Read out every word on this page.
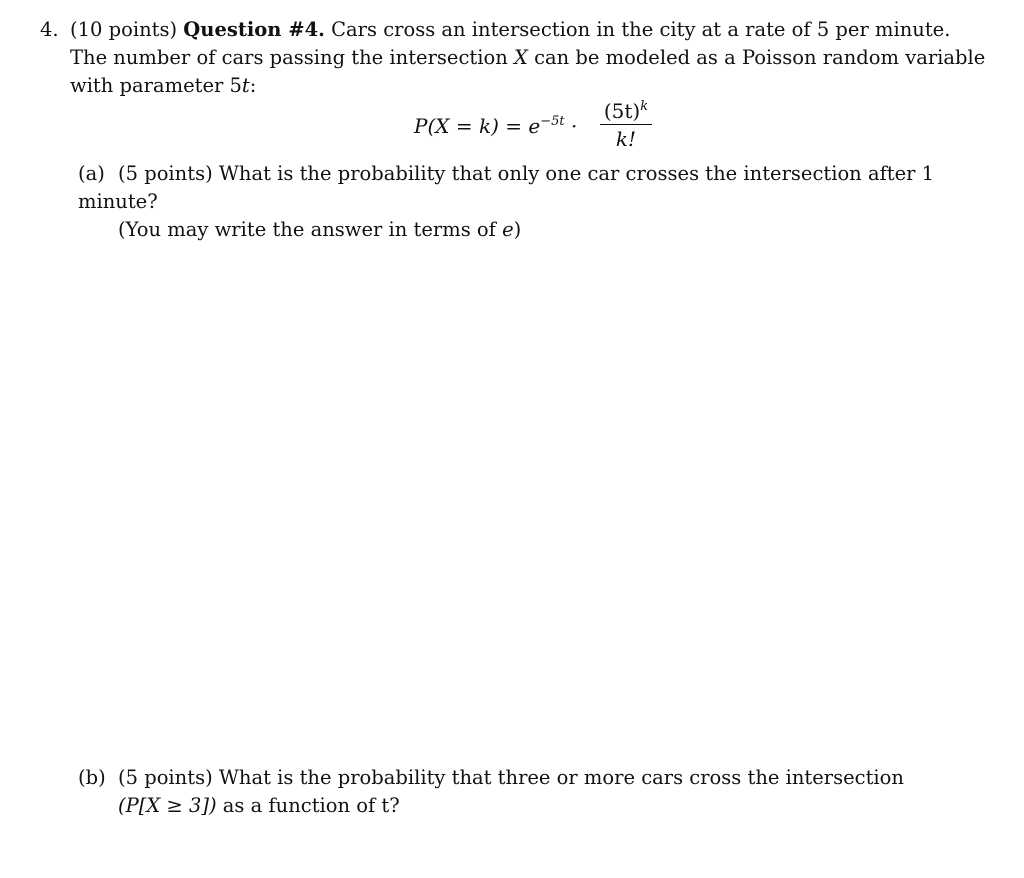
4. (10 points) Question #4. Cars cross an intersection in the city at a rate of 5 per minute.
The number of cars passing the intersection X can be modeled as a Poisson random variable
with parameter 5t:
$P(X = k) = e^{-5t}$ ·
$(5t)^k$
k!
(a) (5 points) What is the probability that only one car crosses the intersection after 1 minute?
(You may write the answer in terms of e)
(b) (5 points) What is the probability that three or more cars cross the intersection
(P[X ≥ 3]) as a function of t?
